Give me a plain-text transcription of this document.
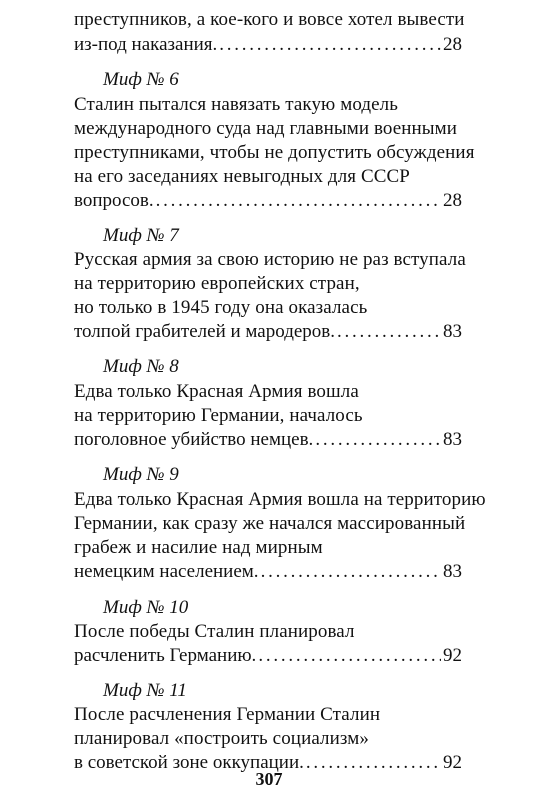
преступников, а кое-кого и вовсе хотел вывести
из-под наказания. . . .	28
Миф № 6
Сталин пытался навязать такую модель
международного суда над главными военными
преступниками, чтобы не допустить обсуждения
на его заседаниях невыгодных для СССР
вопросов. . . .	28
Миф № 7
Русская армия за свою историю не раз вступала
на территорию европейских стран,
но только в 1945 году она оказалась
толпой грабителей и мародеров. . . .	83
Миф № 8
Едва только Красная Армия вошла
на территорию Германии, началось
поголовное убийство немцев. . . .	83
Миф № 9
Едва только Красная Армия вошла на территорию
Германии, как сразу же начался массированный
грабеж и насилие над мирным
немецким населением. . . .	83
Миф № 10
После победы Сталин планировал
расчленить Германию. . . .	92
Миф № 11
После расчленения Германии Сталин
планировал «построить социализм»
в советской зоне оккупации. . . .	92
307
